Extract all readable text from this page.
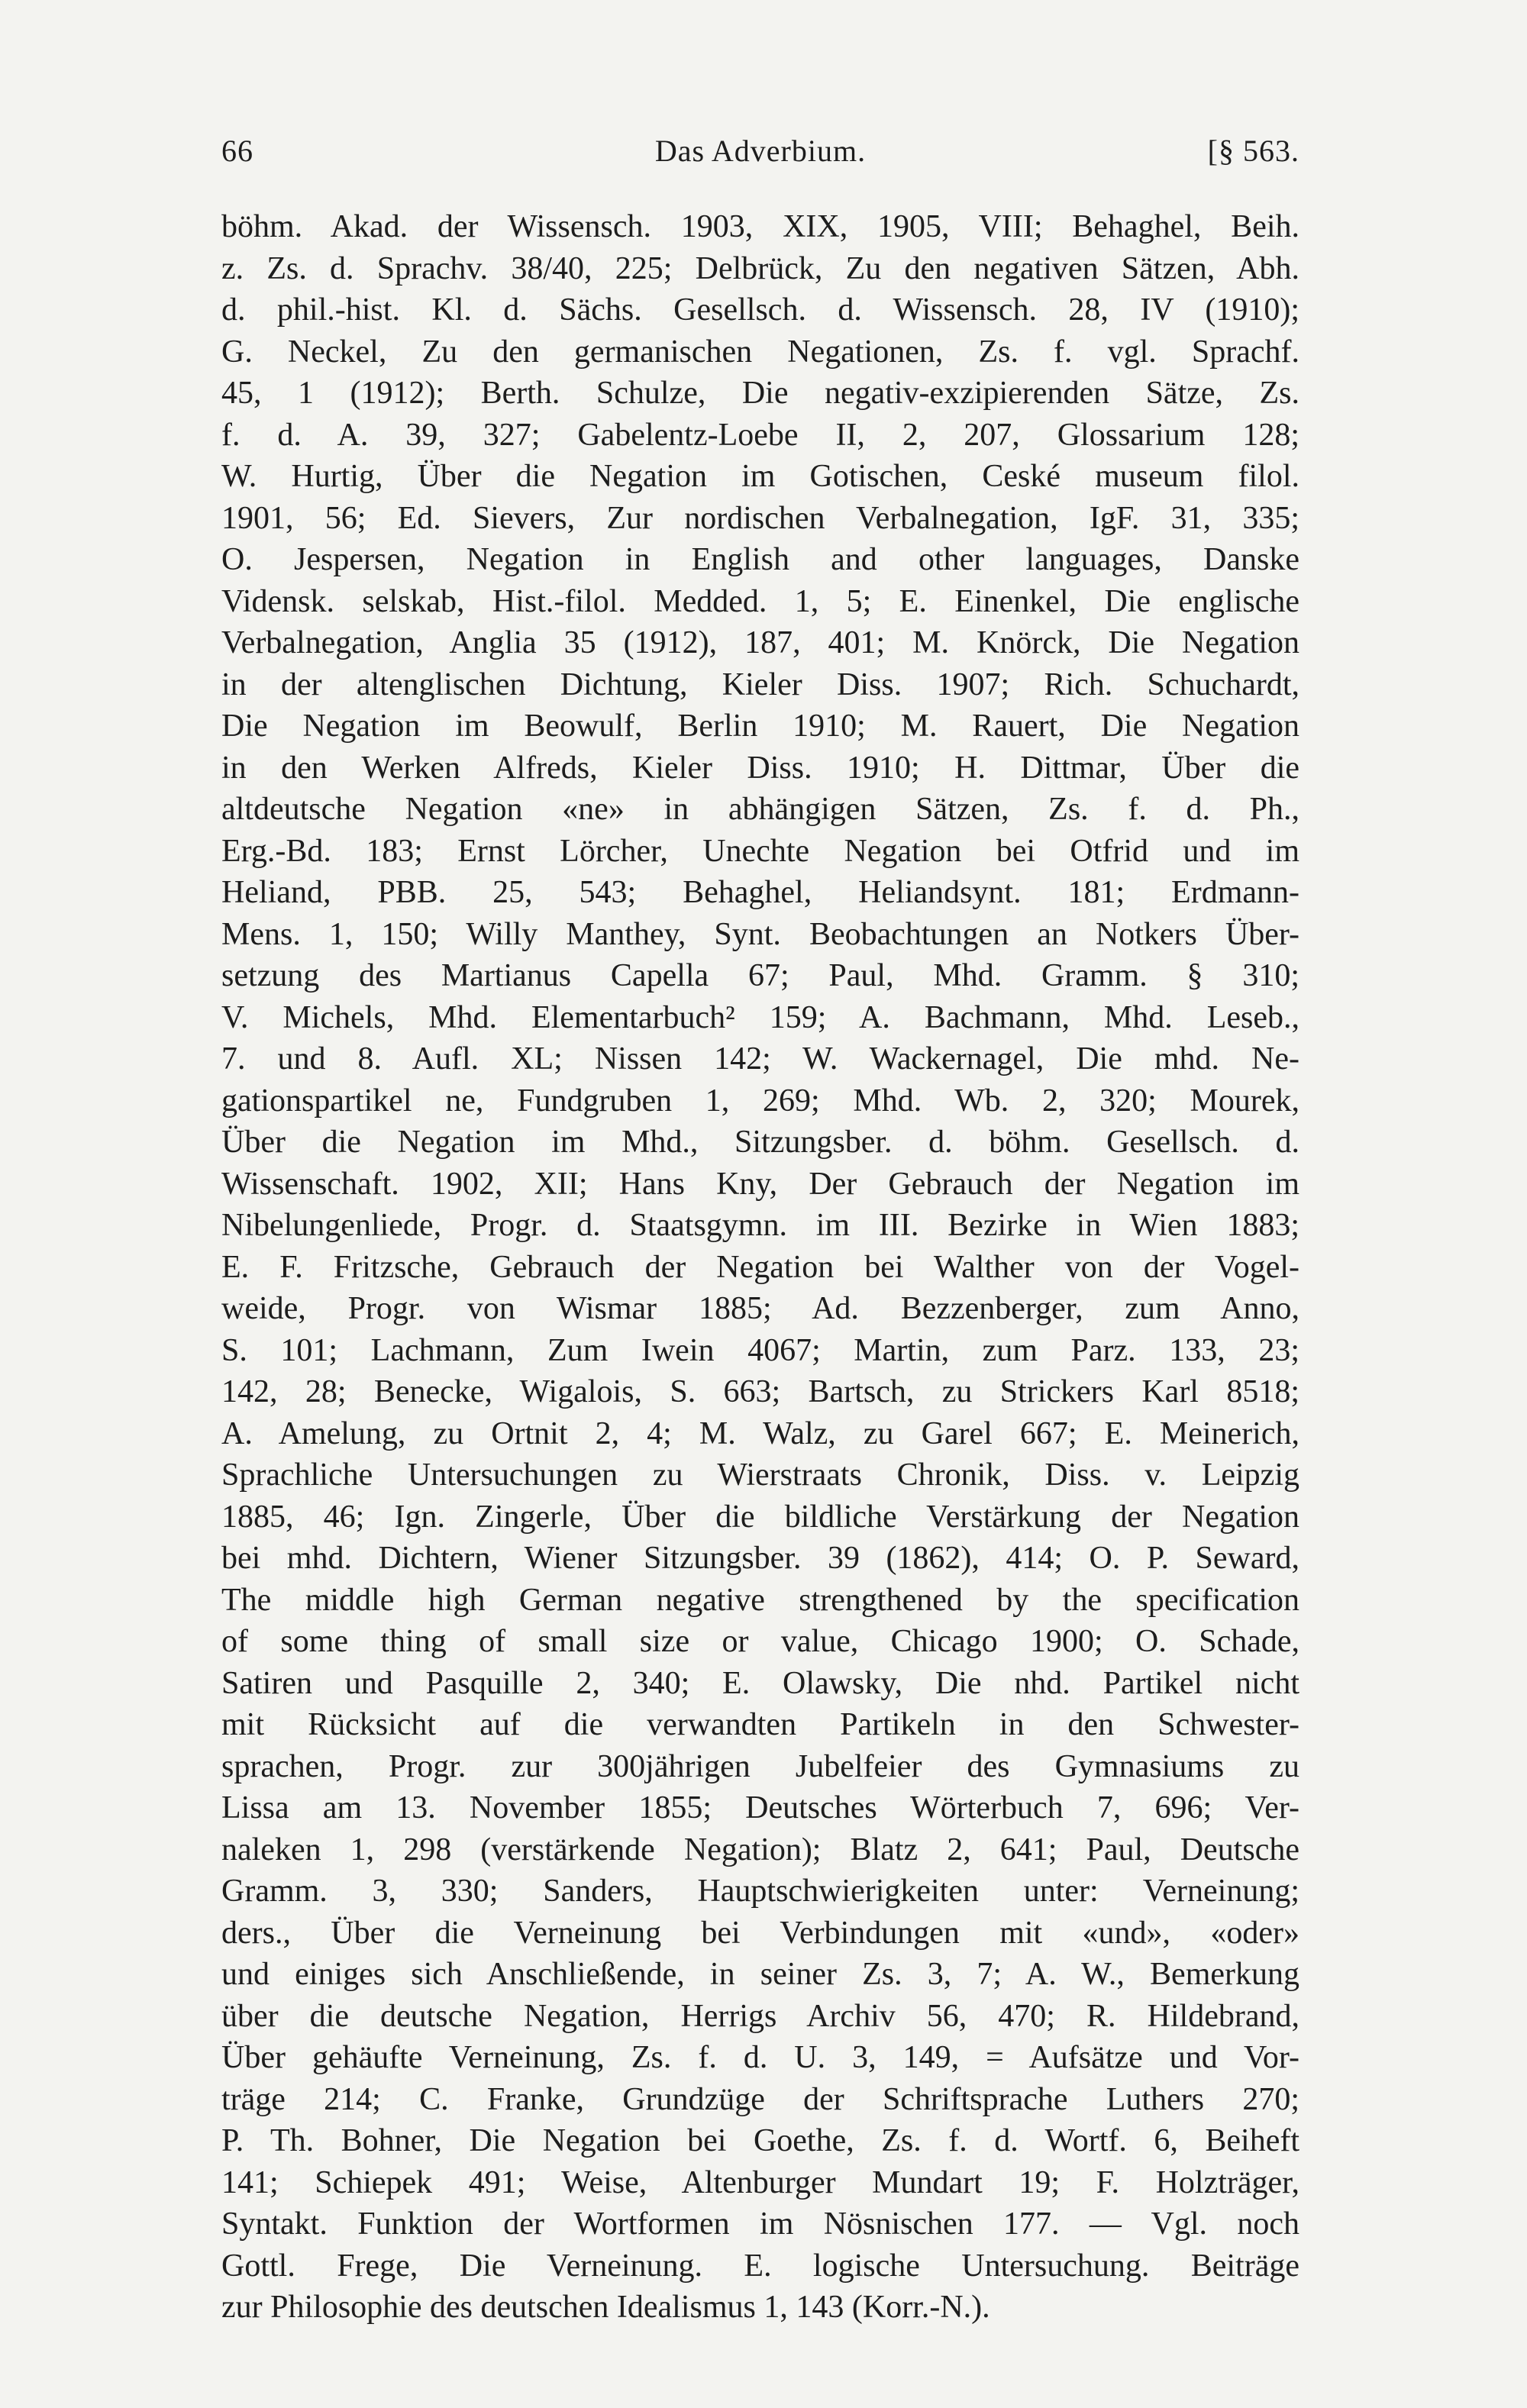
66	Das Adverbium.	[§ 563.
böhm. Akad. der Wissensch. 1903, XIX, 1905, VIII; Behaghel, Beih.
z. Zs. d. Sprachv. 38/40, 225; Delbrück, Zu den negativen Sätzen, Abh.
d. phil.-hist. Kl. d. Sächs. Gesellsch. d. Wissensch. 28, IV (1910);
G. Neckel, Zu den germanischen Negationen, Zs. f. vgl. Sprachf.
45, 1 (1912); Berth. Schulze, Die negativ-exzipierenden Sätze, Zs.
f. d. A. 39, 327; Gabelentz-Loebe II, 2, 207, Glossarium 128;
W. Hurtig, Über die Negation im Gotischen, Ceské museum filol.
1901, 56; Ed. Sievers, Zur nordischen Verbalnegation, IgF. 31, 335;
O. Jespersen, Negation in English and other languages, Danske
Vidensk. selskab, Hist.-filol. Medded. 1, 5; E. Einenkel, Die englische
Verbalnegation, Anglia 35 (1912), 187, 401; M. Knörck, Die Negation
in der altenglischen Dichtung, Kieler Diss. 1907; Rich. Schuchardt,
Die Negation im Beowulf, Berlin 1910; M. Rauert, Die Negation
in den Werken Alfreds, Kieler Diss. 1910; H. Dittmar, Über die
altdeutsche Negation «ne» in abhängigen Sätzen, Zs. f. d. Ph.,
Erg.-Bd. 183; Ernst Lörcher, Unechte Negation bei Otfrid und im
Heliand, PBB. 25, 543; Behaghel, Heliandsynt. 181; Erdmann-
Mens. 1, 150; Willy Manthey, Synt. Beobachtungen an Notkers Über-
setzung des Martianus Capella 67; Paul, Mhd. Gramm. § 310;
V. Michels, Mhd. Elementarbuch² 159; A. Bachmann, Mhd. Leseb.,
7. und 8. Aufl. XL; Nissen 142; W. Wackernagel, Die mhd. Ne-
gationspartikel ne, Fundgruben 1, 269; Mhd. Wb. 2, 320; Mourek,
Über die Negation im Mhd., Sitzungsber. d. böhm. Gesellsch. d.
Wissenschaft. 1902, XII; Hans Kny, Der Gebrauch der Negation im
Nibelungenliede, Progr. d. Staatsgymn. im III. Bezirke in Wien 1883;
E. F. Fritzsche, Gebrauch der Negation bei Walther von der Vogel-
weide, Progr. von Wismar 1885; Ad. Bezzenberger, zum Anno,
S. 101; Lachmann, Zum Iwein 4067; Martin, zum Parz. 133, 23;
142, 28; Benecke, Wigalois, S. 663; Bartsch, zu Strickers Karl 8518;
A. Amelung, zu Ortnit 2, 4; M. Walz, zu Garel 667; E. Meinerich,
Sprachliche Untersuchungen zu Wierstraats Chronik, Diss. v. Leipzig
1885, 46; Ign. Zingerle, Über die bildliche Verstärkung der Negation
bei mhd. Dichtern, Wiener Sitzungsber. 39 (1862), 414; O. P. Seward,
The middle high German negative strengthened by the specification
of some thing of small size or value, Chicago 1900; O. Schade,
Satiren und Pasquille 2, 340; E. Olawsky, Die nhd. Partikel nicht
mit Rücksicht auf die verwandten Partikeln in den Schwester-
sprachen, Progr. zur 300jährigen Jubelfeier des Gymnasiums zu
Lissa am 13. November 1855; Deutsches Wörterbuch 7, 696; Ver-
naleken 1, 298 (verstärkende Negation); Blatz 2, 641; Paul, Deutsche
Gramm. 3, 330; Sanders, Hauptschwierigkeiten unter: Verneinung;
ders., Über die Verneinung bei Verbindungen mit «und», «oder»
und einiges sich Anschließende, in seiner Zs. 3, 7; A. W., Bemerkung
über die deutsche Negation, Herrigs Archiv 56, 470; R. Hildebrand,
Über gehäufte Verneinung, Zs. f. d. U. 3, 149, = Aufsätze und Vor-
träge 214; C. Franke, Grundzüge der Schriftsprache Luthers 270;
P. Th. Bohner, Die Negation bei Goethe, Zs. f. d. Wortf. 6, Beiheft
141; Schiepek 491; Weise, Altenburger Mundart 19; F. Holzträger,
Syntakt. Funktion der Wortformen im Nösnischen 177. — Vgl. noch
Gottl. Frege, Die Verneinung. E. logische Untersuchung. Beiträge
zur Philosophie des deutschen Idealismus 1, 143 (Korr.-N.).
